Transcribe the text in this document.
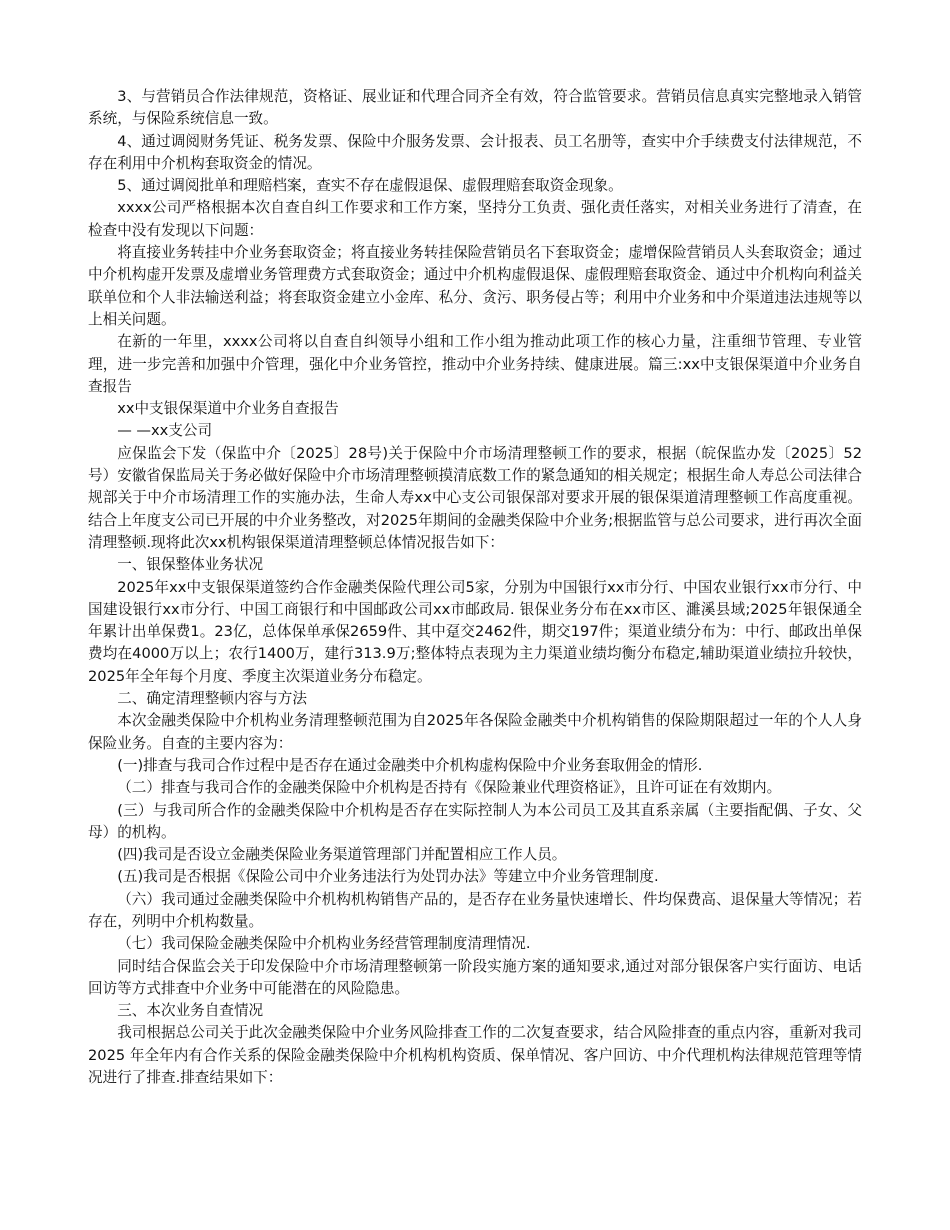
3、与营销员合作法律规范，资格证、展业证和代理合同齐全有效，符合监管要求。营销员信息真实完整地录入销管系统，与保险系统信息一致。

4、通过调阅财务凭证、税务发票、保险中介服务发票、会计报表、员工名册等，查实中介手续费支付法律规范，不存在利用中介机构套取资金的情况。

5、通过调阅批单和理赔档案，查实不存在虚假退保、虚假理赔套取资金现象。

xxxx公司严格根据本次自查自纠工作要求和工作方案，坚持分工负责、强化责任落实，对相关业务进行了清查，在检查中没有发现以下问题：

将直接业务转挂中介业务套取资金；将直接业务转挂保险营销员名下套取资金；虚增保险营销员人头套取资金；通过中介机构虚开发票及虚增业务管理费方式套取资金；通过中介机构虚假退保、虚假理赔套取资金、通过中介机构向利益关联单位和个人非法输送利益；将套取资金建立小金库、私分、贪污、职务侵占等；利用中介业务和中介渠道违法违规等以上相关问题。

在新的一年里，xxxx公司将以自查自纠领导小组和工作小组为推动此项工作的核心力量，注重细节管理、专业管理，进一步完善和加强中介管理，强化中介业务管控，推动中介业务持续、健康进展。篇三:xx中支银保渠道中介业务自查报告

xx中支银保渠道中介业务自查报告

— —xx支公司

应保监会下发（保监中介〔2025〕28号)关于保险中介市场清理整顿工作的要求，根据（皖保监办发〔2025〕52号）安徽省保监局关于务必做好保险中介市场清理整顿摸清底数工作的紧急通知的相关规定；根据生命人寿总公司法律合规部关于中介市场清理工作的实施办法，生命人寿xx中心支公司银保部对要求开展的银保渠道清理整顿工作高度重视。结合上年度支公司已开展的中介业务整改，对2025年期间的金融类保险中介业务;根据监管与总公司要求，进行再次全面清理整顿.现将此次xx机构银保渠道清理整顿总体情况报告如下：

一、银保整体业务状况

2025年xx中支银保渠道签约合作金融类保险代理公司5家，分别为中国银行xx市分行、中国农业银行xx市分行、中国建设银行xx市分行、中国工商银行和中国邮政公司xx市邮政局. 银保业务分布在xx市区、濉溪县域;2025年银保通全年累计出单保费1。23亿，总体保单承保2659件、其中趸交2462件，期交197件；渠道业绩分布为：中行、邮政出单保费均在4000万以上；农行1400万，建行313.9万;整体特点表现为主力渠道业绩均衡分布稳定,辅助渠道业绩拉升较快，2025年全年每个月度、季度主次渠道业务分布稳定。

二、确定清理整顿内容与方法

本次金融类保险中介机构业务清理整顿范围为自2025年各保险金融类中介机构销售的保险期限超过一年的个人人身保险业务。自查的主要内容为：

(一)排查与我司合作过程中是否存在通过金融类中介机构虚构保险中介业务套取佣金的情形.

（二）排查与我司合作的金融类保险中介机构是否持有《保险兼业代理资格证》，且许可证在有效期内。

(三）与我司所合作的金融类保险中介机构是否存在实际控制人为本公司员工及其直系亲属（主要指配偶、子女、父母）的机构。

(四)我司是否设立金融类保险业务渠道管理部门并配置相应工作人员。

(五)我司是否根据《保险公司中介业务违法行为处罚办法》等建立中介业务管理制度.

（六）我司通过金融类保险中介机构机构销售产品的，是否存在业务量快速增长、件均保费高、退保量大等情况；若存在，列明中介机构数量。

（七）我司保险金融类保险中介机构业务经营管理制度清理情况.

同时结合保监会关于印发保险中介市场清理整顿第一阶段实施方案的通知要求,通过对部分银保客户实行面访、电话回访等方式排查中介业务中可能潜在的风险隐患。

三、本次业务自查情况

我司根据总公司关于此次金融类保险中介业务风险排查工作的二次复查要求，结合风险排查的重点内容，重新对我司2025 年全年内有合作关系的保险金融类保险中介机构机构资质、保单情况、客户回访、中介代理机构法律规范管理等情况进行了排查.排查结果如下：
